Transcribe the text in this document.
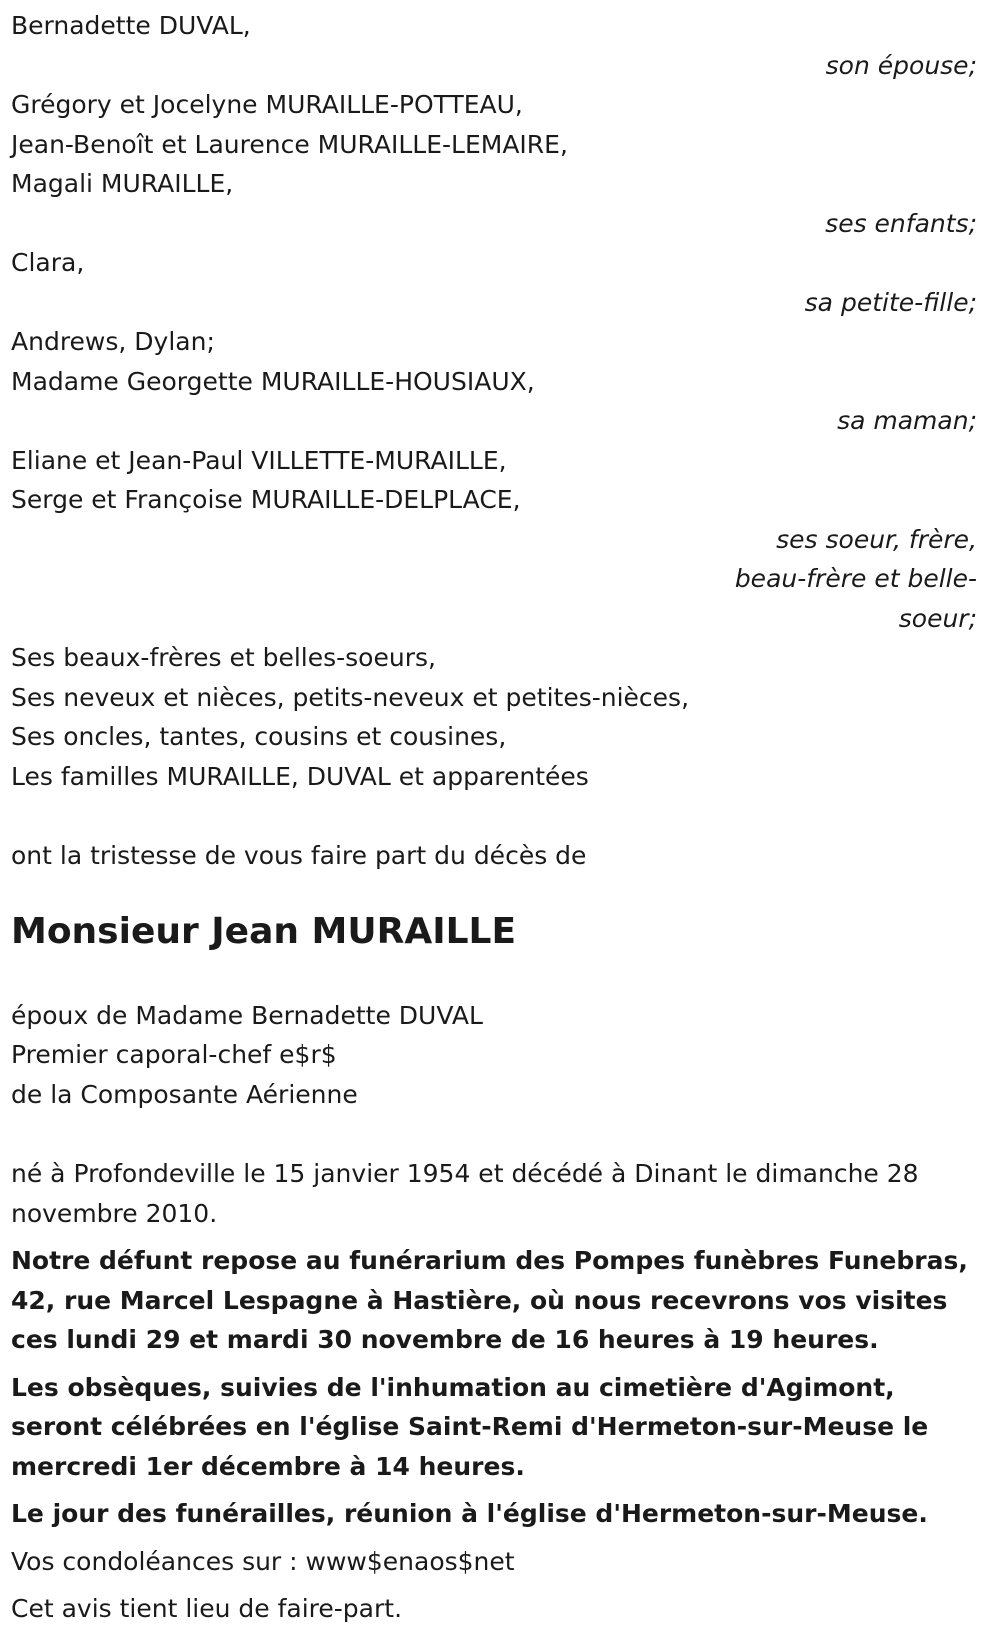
Bernadette DUVAL,
son épouse;
Grégory et Jocelyne MURAILLE-POTTEAU,
Jean-Benoît et Laurence MURAILLE-LEMAIRE,
Magali MURAILLE,
ses enfants;
Clara,
sa petite-fille;
Andrews, Dylan;
Madame Georgette MURAILLE-HOUSIAUX,
sa maman;
Eliane et Jean-Paul VILLETTE-MURAILLE,
Serge et Françoise MURAILLE-DELPLACE,
ses soeur, frère,
beau-frère et belle-
soeur;
Ses beaux-frères et belles-soeurs,
Ses neveux et nièces, petits-neveux et petites-nièces,
Ses oncles, tantes, cousins et cousines,
Les familles MURAILLE, DUVAL et apparentées
ont la tristesse de vous faire part du décès de
Monsieur Jean MURAILLE
époux de Madame Bernadette DUVAL
Premier caporal-chef e$r$
de la Composante Aérienne

né à Profondeville le 15 janvier 1954 et décédé à Dinant le dimanche 28 novembre 2010.

Notre défunt repose au funérarium des Pompes funèbres Funebras, 42, rue Marcel Lespagne à Hastière, où nous recevrons vos visites ces lundi 29 et mardi 30 novembre de 16 heures à 19 heures.

Les obsèques, suivies de l'inhumation au cimetière d'Agimont, seront célébrées en l'église Saint-Remi d'Hermeton-sur-Meuse le mercredi 1er décembre à 14 heures.

Le jour des funérailles, réunion à l'église d'Hermeton-sur-Meuse.

Vos condoléances sur : www$enaos$net

Cet avis tient lieu de faire-part.
